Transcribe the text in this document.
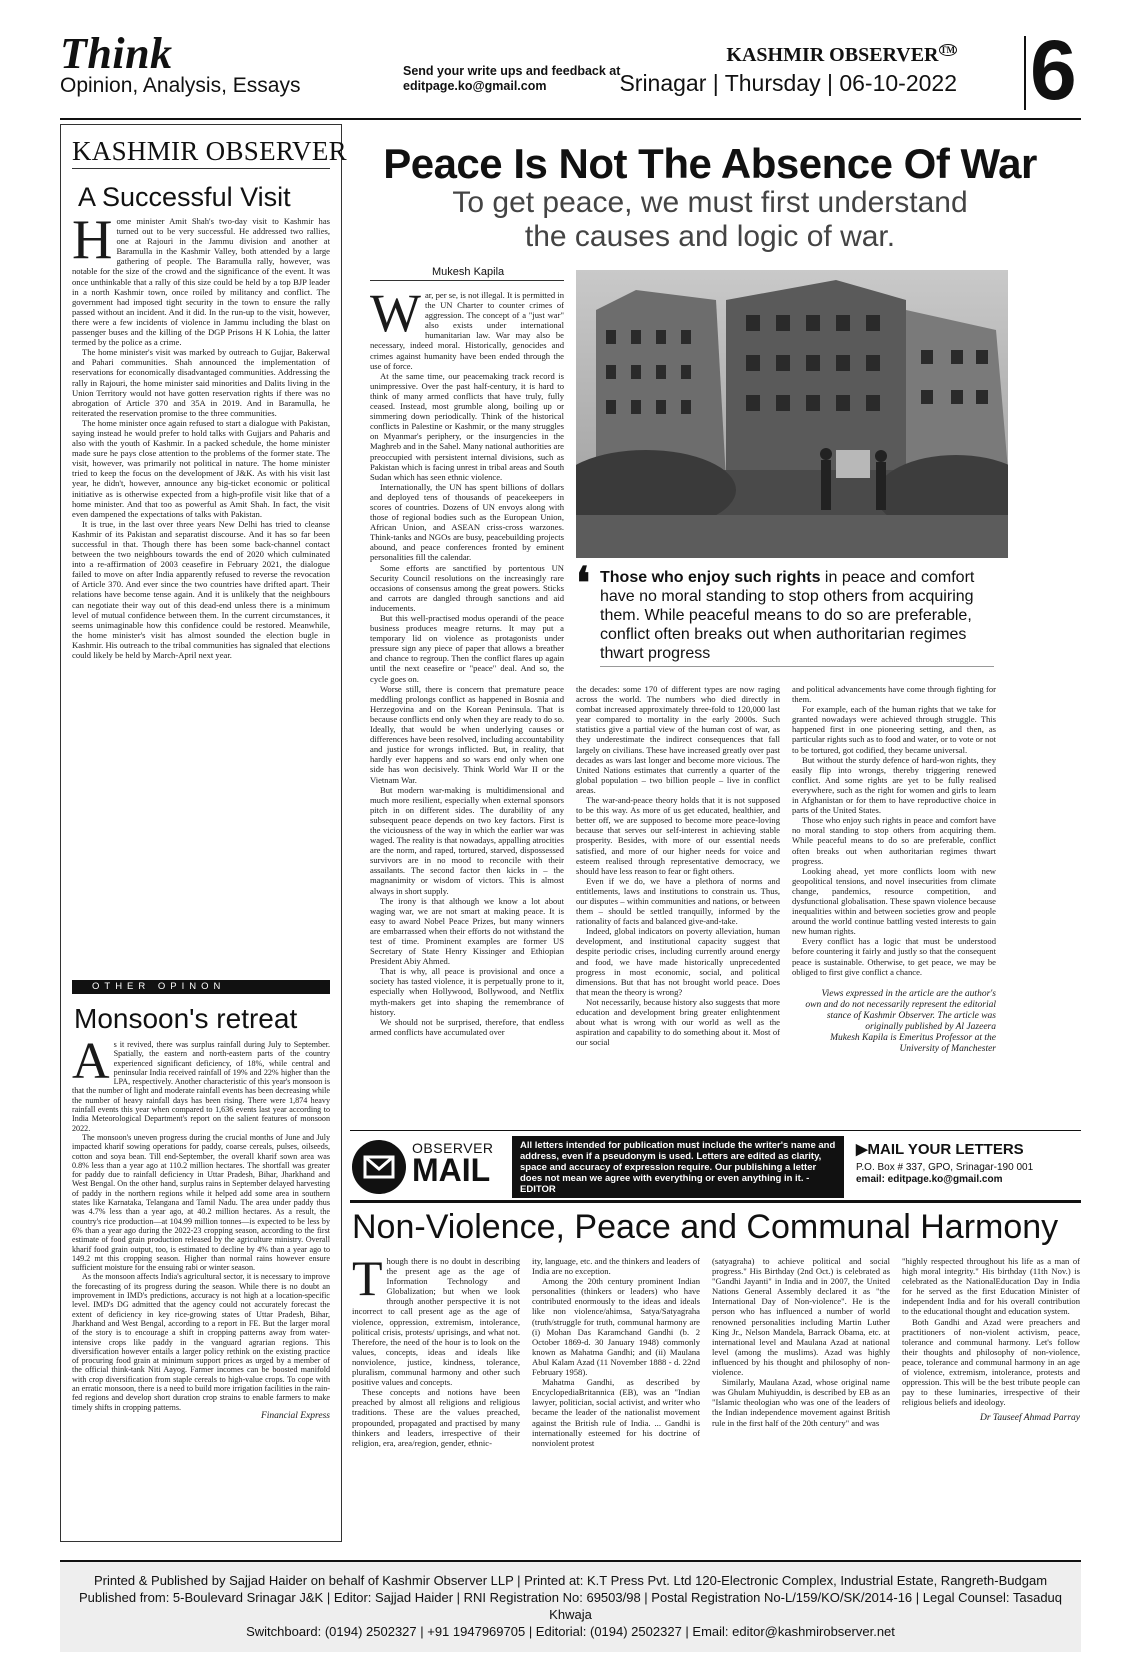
Think
Opinion, Analysis, Essays
Send your write ups and feedback at
editpage.ko@gmail.com
KASHMIR OBSERVER ™
Srinagar | Thursday | 06-10-2022 6
KASHMIR OBSERVER
A Successful Visit

Home minister Amit Shah's two-day visit to Kashmir has turned out to be very successful. He addressed two rallies, one at Rajouri in the Jammu division and another at Baramulla in the Kashmir Valley, both attended by a large gathering of people. The Baramulla rally, however, was notable for the size of the crowd and the significance of the event. It was once unthinkable that a rally of this size could be held by a top BJP leader in a north Kashmir town, once roiled by militancy and conflict. The government had imposed tight security in the town to ensure the rally passed without an incident. And it did. In the run-up to the visit, however, there were a few incidents of violence in Jammu including the blast on passenger buses and the killing of the DGP Prisons H K Lohia, the latter termed by the police as a crime.

The home minister's visit was marked by outreach to Gujjar, Bakerwal and Pahari communities. Shah announced the implementation of reservations for economically disadvantaged communities. Addressing the rally in Rajouri, the home minister said minorities and Dalits living in the Union Territory would not have gotten reservation rights if there was no abrogation of Article 370 and 35A in 2019. And in Baramulla, he reiterated the reservation promise to the three communities.

The home minister once again refused to start a dialogue with Pakistan, saying instead he would prefer to hold talks with Gujjars and Paharis and also with the youth of Kashmir. In a packed schedule, the home minister made sure he pays close attention to the problems of the former state. The visit, however, was primarily not political in nature. The home minister tried to keep the focus on the development of J&K. As with his visit last year, he didn't, however, announce any big-ticket economic or political initiative as is otherwise expected from a high-profile visit like that of a home minister. And that too as powerful as Amit Shah. In fact, the visit even dampened the expectations of talks with Pakistan.

It is true, in the last over three years New Delhi has tried to cleanse Kashmir of its Pakistan and separatist discourse. And it has so far been successful in that. Though there has been some back-channel contact between the two neighbours towards the end of 2020 which culminated into a re-affirmation of 2003 ceasefire in February 2021, the dialogue failed to move on after India apparently refused to reverse the revocation of Article 370. And ever since the two countries have drifted apart. Their relations have become tense again. And it is unlikely that the neighbours can negotiate their way out of this dead-end unless there is a minimum level of mutual confidence between them. In the current circumstances, it seems unimaginable how this confidence could be restored. Meanwhile, the home minister's visit has almost sounded the election bugle in Kashmir. His outreach to the tribal communities has signaled that elections could likely be held by March-April next year.

OTHER OPINON
Monsoon's retreat

As it revived, there was surplus rainfall during July to September. Spatially, the eastern and north-eastern parts of the country experienced significant deficiency, of 18%, while central and peninsular India received rainfall of 19% and 22% higher than the LPA, respectively. Another characteristic of this year's monsoon is that the number of light and moderate rainfall events has been decreasing while the number of heavy rainfall days has been rising. There were 1,874 heavy rainfall events this year when compared to 1,636 events last year according to India Meteorological Department's report on the salient features of monsoon 2022.

The monsoon's uneven progress during the crucial months of June and July impacted kharif sowing operations for paddy, coarse cereals, pulses, oilseeds, cotton and soya bean. Till end-September, the overall kharif sown area was 0.8% less than a year ago at 110.2 million hectares. The shortfall was greater for paddy due to rainfall deficiency in Uttar Pradesh, Bihar, Jharkhand and West Bengal. On the other hand, surplus rains in September delayed harvesting of paddy in the northern regions while it helped add some area in southern states like Karnataka, Telangana and Tamil Nadu. The area under paddy thus was 4.7% less than a year ago, at 40.2 million hectares. As a result, the country's rice production—at 104.99 million tonnes—is expected to be less by 6% than a year ago during the 2022-23 cropping season, according to the first estimate of food grain production released by the agriculture ministry. Overall kharif food grain output, too, is estimated to decline by 4% than a year ago to 149.2 mt this cropping season. Higher than normal rains however ensure sufficient moisture for the ensuing rabi or winter season.

As the monsoon affects India's agricultural sector, it is necessary to improve the forecasting of its progress during the season. While there is no doubt an improvement in IMD's predictions, accuracy is not high at a location-specific level. IMD's DG admitted that the agency could not accurately forecast the extent of deficiency in key rice-growing states of Uttar Pradesh, Bihar, Jharkhand and West Bengal, according to a report in FE. But the larger moral of the story is to encourage a shift in cropping patterns away from water-intensive crops like paddy in the vanguard agrarian regions. This diversification however entails a larger policy rethink on the existing practice of procuring food grain at minimum support prices as urged by a member of the official think-tank Niti Aayog. Farmer incomes can be boosted manifold with crop diversification from staple cereals to high-value crops. To cope with an erratic monsoon, there is a need to build more irrigation facilities in the rain-fed regions and develop short duration crop strains to enable farmers to make timely shifts in cropping patterns.

Financial Express
Peace Is Not The Absence Of War
To get peace, we must first understand
the causes and logic of war.
Mukesh Kapila

War, per se, is not illegal. It is permitted in the UN Charter to counter crimes of aggression. The concept of a "just war" also exists under international humanitarian law. War may also be necessary, indeed moral. Historically, genocides and crimes against humanity have been ended through the use of force.

At the same time, our peacemaking track record is unimpressive. Over the past half-century, it is hard to think of many armed conflicts that have truly, fully ceased. Instead, most grumble along, boiling up or simmering down periodically. Think of the historical conflicts in Palestine or Kashmir, or the many struggles on Myanmar's periphery, or the insurgencies in the Maghreb and in the Sahel. Many national authorities are preoccupied with persistent internal divisions, such as Pakistan which is facing unrest in tribal areas and South Sudan which has seen ethnic violence.

Internationally, the UN has spent billions of dollars and deployed tens of thousands of peacekeepers in scores of countries. Dozens of UN envoys along with those of regional bodies such as the European Union, African Union, and ASEAN criss-cross warzones. Think-tanks and NGOs are busy, peacebuilding projects abound, and peace conferences fronted by eminent personalities fill the calendar.

Some efforts are sanctified by portentous UN Security Council resolutions on the increasingly rare occasions of consensus among the great powers. Sticks and carrots are dangled through sanctions and aid inducements.

But this well-practised modus operandi of the peace business produces meagre returns. It may put a temporary lid on violence as protagonists under pressure sign any piece of paper that allows a breather and chance to regroup. Then the conflict flares up again until the next ceasefire or "peace" deal. And so, the cycle goes on.

Worse still, there is concern that premature peace meddling prolongs conflict as happened in Bosnia and Herzegovina and on the Korean Peninsula. That is because conflicts end only when they are ready to do so. Ideally, that would be when underlying causes or differences have been resolved, including accountability and justice for wrongs inflicted. But, in reality, that hardly ever happens and so wars end only when one side has won decisively. Think World War II or the Vietnam War.

But modern war-making is multidimensional and much more resilient, especially when external sponsors pitch in on different sides. The durability of any subsequent peace depends on two key factors. First is the viciousness of the way in which the earlier war was waged. The reality is that nowadays, appalling atrocities are the norm, and raped, tortured, starved, dispossessed survivors are in no mood to reconcile with their assailants. The second factor then kicks in – the magnanimity or wisdom of victors. This is almost always in short supply.

The irony is that although we know a lot about waging war, we are not smart at making peace. It is easy to award Nobel Peace Prizes, but many winners are embarrassed when their efforts do not withstand the test of time. Prominent examples are former US Secretary of State Henry Kissinger and Ethiopian President Abiy Ahmed.

That is why, all peace is provisional and once a society has tasted violence, it is perpetually prone to it, especially when Hollywood, Bollywood, and Netflix myth-makers get into shaping the remembrance of history.

We should not be surprised, therefore, that endless armed conflicts have accumulated over

❛ Those who enjoy such rights in peace and comfort have no moral standing to stop others from acquiring them. While peaceful means to do so are preferable, conflict often breaks out when authoritarian regimes thwart progress

the decades: some 170 of different types are now raging across the world. The numbers who died directly in combat increased approximately three-fold to 120,000 last year compared to mortality in the early 2000s. Such statistics give a partial view of the human cost of war, as they underestimate the indirect consequences that fall largely on civilians. These have increased greatly over past decades as wars last longer and become more vicious. The United Nations estimates that currently a quarter of the global population – two billion people – live in conflict areas.

The war-and-peace theory holds that it is not supposed to be this way. As more of us get educated, healthier, and better off, we are supposed to become more peace-loving because that serves our self-interest in achieving stable prosperity. Besides, with more of our essential needs satisfied, and more of our higher needs for voice and esteem realised through representative democracy, we should have less reason to fear or fight others.

Even if we do, we have a plethora of norms and entitlements, laws and institutions to constrain us. Thus, our disputes – within communities and nations, or between them – should be settled tranquilly, informed by the rationality of facts and balanced give-and-take.

Indeed, global indicators on poverty alleviation, human development, and institutional capacity suggest that despite periodic crises, including currently around energy and food, we have made historically unprecedented progress in most economic, social, and political dimensions. But that has not brought world peace. Does that mean the theory is wrong?

Not necessarily, because history also suggests that more education and development bring greater enlightenment about what is wrong with our world as well as the aspiration and capability to do something about it. Most of our social

and political advancements have come through fighting for them.

For example, each of the human rights that we take for granted nowadays were achieved through struggle. This happened first in one pioneering setting, and then, as particular rights such as to food and water, or to vote or not to be tortured, got codified, they became universal.

But without the sturdy defence of hard-won rights, they easily flip into wrongs, thereby triggering renewed conflict. And some rights are yet to be fully realised everywhere, such as the right for women and girls to learn in Afghanistan or for them to have reproductive choice in parts of the United States.

Those who enjoy such rights in peace and comfort have no moral standing to stop others from acquiring them. While peaceful means to do so are preferable, conflict often breaks out when authoritarian regimes thwart progress.

Looking ahead, yet more conflicts loom with new geopolitical tensions, and novel insecurities from climate change, pandemics, resource competition, and dysfunctional globalisation. These spawn violence because inequalities within and between societies grow and people around the world continue battling vested interests to gain new human rights.

Every conflict has a logic that must be understood before countering it fairly and justly so that the consequent peace is sustainable. Otherwise, to get peace, we may be obliged to first give conflict a chance.

Views expressed in the article are the author's
own and do not necessarily represent the editorial
stance of Kashmir Observer. The article was
originally published by Al Jazeera
Mukesh Kapila is Emeritus Professor at the
University of Manchester
OBSERVER
MAIL
All letters intended for publication must include the writer's name and address, even if a pseudonym is used. Letters are edited as clarity, space and accuracy of expression require. Our publishing a letter does not mean we agree with everything or even anything in it. -EDITOR
▶MAIL YOUR LETTERS
P.O. Box # 337, GPO, Srinagar-190 001
email: editpage.ko@gmail.com
Non-Violence, Peace and Communal Harmony

Though there is no doubt in describing the present age as the age of Information Technology and Globalization; but when we look through another perspective it is not incorrect to call present age as the age of violence, oppression, extremism, intolerance, political crisis, protests/ uprisings, and what not. Therefore, the need of the hour is to look on the values, concepts, ideas and ideals like nonviolence, justice, kindness, tolerance, pluralism, communal harmony and other such positive values and concepts.

These concepts and notions have been preached by almost all religions and religious traditions. These are the values preached, propounded, propagated and practised by many thinkers and leaders, irrespective of their religion, era, area/region, gender, ethnic-

ity, language, etc. and the thinkers and leaders of India are no exception.

Among the 20th century prominent Indian personalities (thinkers or leaders) who have contributed enormously to the ideas and ideals like non violence/ahimsa, Satya/Satyagraha (truth/struggle for truth, communal harmony are (i) Mohan Das Karamchand Gandhi (b. 2 October 1869-d. 30 January 1948) commonly known as Mahatma Gandhi; and (ii) Maulana Abul Kalam Azad (11 November 1888 - d. 22nd February 1958).

Mahatma Gandhi, as described by EncyclopediaBritannica (EB), was an "Indian lawyer, politician, social activist, and writer who became the leader of the nationalist movement against the British rule of India. ... Gandhi is internationally esteemed for his doctrine of nonviolent protest

(satyagraha) to achieve political and social progress." His Birthday (2nd Oct.) is celebrated as "Gandhi Jayanti" in India and in 2007, the United Nations General Assembly declared it as "the International Day of Non-violence". He is the person who has influenced a number of world renowned personalities including Martin Luther King Jr., Nelson Mandela, Barrack Obama, etc. at international level and Maulana Azad at national level (among the muslims). Azad was highly influenced by his thought and philosophy of non-violence.

Similarly, Maulana Azad, whose original name was Ghulam Muhiyuddin, is described by EB as an "Islamic theologian who was one of the leaders of the Indian independence movement against British rule in the first half of the 20th century" and was

"highly respected throughout his life as a man of high moral integrity." His birthday (11th Nov.) is celebrated as the NationalEducation Day in India for he served as the first Education Minister of independent India and for his overall contribution to the educational thought and education system.

Both Gandhi and Azad were preachers and practitioners of non-violent activism, peace, tolerance and communal harmony. Let's follow their thoughts and philosophy of non-violence, peace, tolerance and communal harmony in an age of violence, extremism, intolerance, protests and oppression. This will be the best tribute people can pay to these luminaries, irrespective of their religious beliefs and ideology.

Dr Tauseef Ahmad Parray
Printed & Published by Sajjad Haider on behalf of Kashmir Observer LLP | Printed at: K.T Press Pvt. Ltd 120-Electronic Complex, Industrial Estate, Rangreth-Budgam
Published from: 5-Boulevard Srinagar J&K | Editor: Sajjad Haider | RNI Registration No: 69503/98 | Postal Registration No-L/159/KO/SK/2014-16 | Legal Counsel: Tasaduq Khwaja
Switchboard: (0194) 2502327 | +91 1947969705 | Editorial: (0194) 2502327 | Email: editor@kashmirobserver.net
